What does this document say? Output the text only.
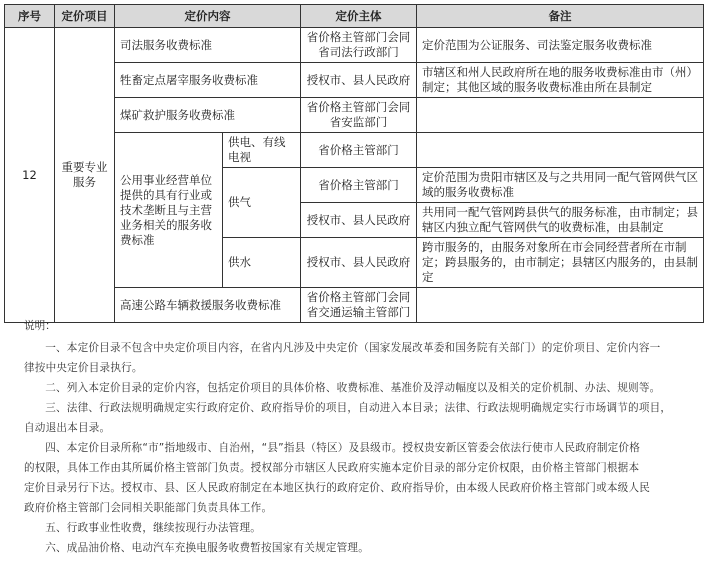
序号	定价项目	定价内容		定价主体	备注
12	重要专业服务	司法服务收费标准		省价格主管部门会同省司法行政部门	定价范围为公证服务、司法鉴定服务收费标准
		牲畜定点屠宰服务收费标准		授权市、县人民政府	市辖区和州人民政府所在地的服务收费标准由市（州）制定；其他区域的服务收费标准由所在县制定
		煤矿救护服务收费标准		省价格主管部门会同省安监部门	
		公用事业经营单位提供的具有行业或技术垄断且与主营业务相关的服务收费标准	供电、有线电视	省价格主管部门	
			供气	省价格主管部门	定价范围为贵阳市辖区及与之共用同一配气管网供气区域的服务收费标准
				授权市、县人民政府	共用同一配气管网跨县供气的服务标准，由市制定；县辖区内独立配气管网供气的收费标准，由县制定
			供水	授权市、县人民政府	跨市服务的，由服务对象所在市会同经营者所在市制定；跨县服务的，由市制定；县辖区内服务的，由县制定
		高速公路车辆救援服务收费标准		省价格主管部门会同省交通运输主管部门	

说明：

一、本定价目录不包含中央定价项目内容，在省内凡涉及中央定价（国家发展改革委和国务院有关部门）的定价项目、定价内容一

律按中央定价目录执行。

二、列入本定价目录的定价内容，包括定价项目的具体价格、收费标准、基准价及浮动幅度以及相关的定价机制、办法、规则等。

三、法律、行政法规明确规定实行政府定价、政府指导价的项目，自动进入本目录；法律、行政法规明确规定实行市场调节的项目，

自动退出本目录。

四、本定价目录所称“市”指地级市、自治州，“县”指县（特区）及县级市。授权贵安新区管委会依法行使市人民政府制定价格

的权限，具体工作由其所属价格主管部门负责。授权部分市辖区人民政府实施本定价目录的部分定价权限，由价格主管部门根据本

定价目录另行下达。授权市、县、区人民政府制定在本地区执行的政府定价、政府指导价，由本级人民政府价格主管部门或本级人民

政府价格主管部门会同相关职能部门负责具体工作。

五、行政事业性收费，继续按现行办法管理。

六、成品油价格、电动汽车充换电服务收费暂按国家有关规定管理。
